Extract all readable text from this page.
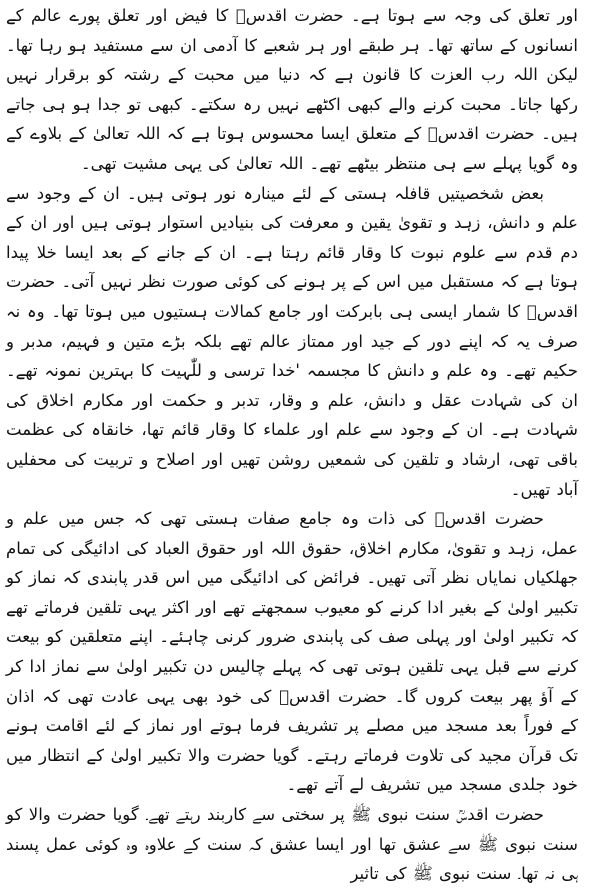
اور تعلق کی وجہ سے ہوتا ہے۔ حضرت اقدسؒ کا فیض اور تعلق پورے عالم کے انسانوں کے ساتھ تھا۔ ہر طبقے اور ہر شعبے کا آدمی ان سے مستفید ہو رہا تھا۔ لیکن اللہ رب العزت کا قانون ہے کہ دنیا میں محبت کے رشتہ کو برقرار نہیں رکھا جاتا۔ محبت کرنے والے کبھی اکٹھے نہیں رہ سکتے۔ کبھی تو جدا ہو ہی جاتے ہیں۔ حضرت اقدسؒ کے متعلق ایسا محسوس ہوتا ہے کہ اللہ تعالیٰ کے بلاوے کے وہ گویا پہلے سے ہی منتظر بیٹھے تھے۔ اللہ تعالیٰ کی یہی مشیت تھی۔

بعض شخصیتیں قافلہ ہستی کے لئے مینارہ نور ہوتی ہیں۔ ان کے وجود سے علم و دانش، زہد و تقویٰ یقین و معرفت کی بنیادیں استوار ہوتی ہیں اور ان کے دم قدم سے علوم نبوت کا وقار قائم رہتا ہے۔ ان کے جانے کے بعد ایسا خلا پیدا ہوتا ہے کہ مستقبل میں اس کے پر ہونے کی کوئی صورت نظر نہیں آتی۔ حضرت اقدسؒ کا شمار ایسی ہی بابرکت اور جامع کمالات ہستیوں میں ہوتا تھا۔ وہ نہ صرف یہ کہ اپنے دور کے جید اور ممتاز عالم تھے بلکہ بڑے متین و فہیم، مدبر و حکیم تھے۔ وہ علم و دانش کا مجسمہ 'خدا ترسی و للّٰہیت کا بہترین نمونہ تھے۔ ان کی شہادت عقل و دانش، علم و وقار، تدبر و حکمت اور مکارم اخلاق کی شہادت ہے۔ ان کے وجود سے علم اور علماء کا وقار قائم تھا، خانقاہ کی عظمت باقی تھی، ارشاد و تلقین کی شمعیں روشن تھیں اور اصلاح و تربیت کی محفلیں آباد تھیں۔

حضرت اقدسؒ کی ذات وہ جامع صفات ہستی تھی کہ جس میں علم و عمل، زہد و تقویٰ، مکارم اخلاق، حقوق اللہ اور حقوق العباد کی ادائیگی کی تمام جھلکیاں نمایاں نظر آتی تھیں۔ فرائض کی ادائیگی میں اس قدر پابندی کہ نماز کو تکبیر اولیٰ کے بغیر ادا کرنے کو معیوب سمجھتے تھے اور اکثر یہی تلقین فرماتے تھے کہ تکبیر اولیٰ اور پہلی صف کی پابندی ضرور کرنی چاہئے۔ اپنے متعلقین کو بیعت کرنے سے قبل یہی تلقین ہوتی تھی کہ پہلے چالیس دن تکبیر اولیٰ سے نماز ادا کر کے آؤ پھر بیعت کروں گا۔ حضرت اقدسؒ کی خود بھی یہی عادت تھی کہ اذان کے فوراً بعد مسجد میں مصلے پر تشریف فرما ہوتے اور نماز کے لئے اقامت ہونے تک قرآن مجید کی تلاوت فرماتے رہتے۔ گویا حضرت والا تکبیر اولیٰ کے انتظار میں خود جلدی مسجد میں تشریف لے آتے تھے۔

حضرت اقدسؒ سنت نبوی ﷺ پر سختی سے کاربند رہتے تھے۔ گویا حضرت والا کو سنت نبوی ﷺ سے عشق تھا اور ایسا عشق کہ سنت کے علاوہ وہ کوئی عمل پسند ہی نہ تھا۔ سنت نبوی ﷺ کی تاثیر
